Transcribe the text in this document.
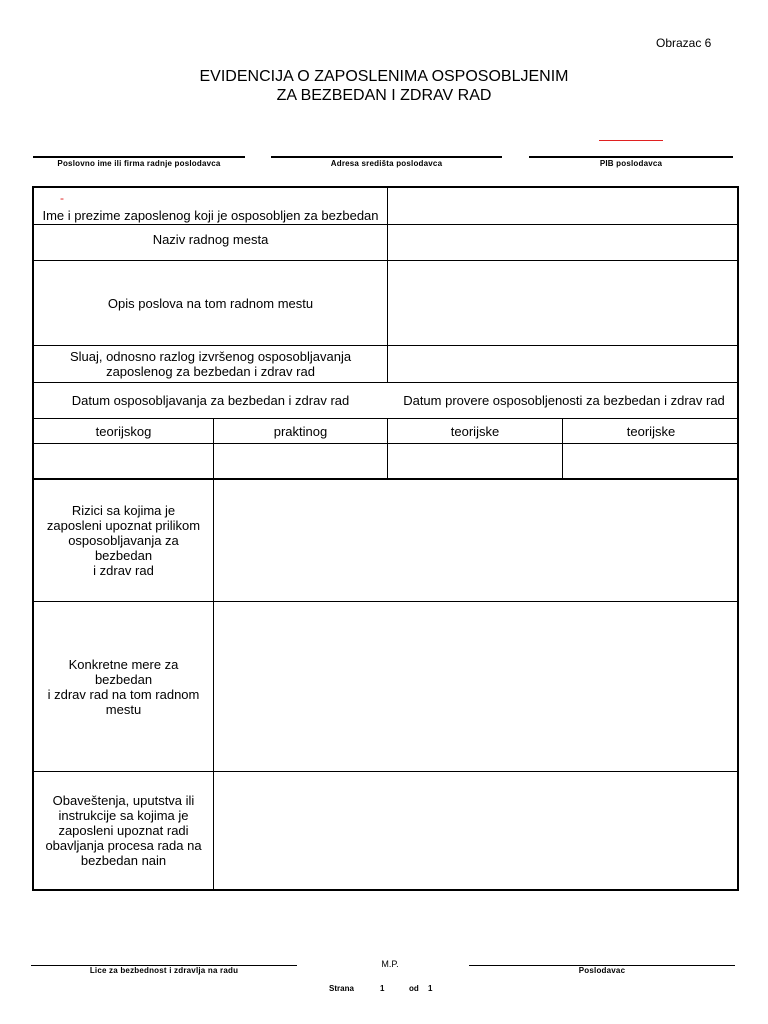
Obrazac 6
EVIDENCIJA O ZAPOSLENIMA OSPOSOBLJENIM
ZA BEZBEDAN I ZDRAV RAD
Poslovno ime ili firma radnje poslodavca	Adresa središta poslodavca	PIB poslodavca
-
Ime i prezime zaposlenog koji je osposobljen za bezbedan
Naziv radnog mesta
Opis poslova na tom radnom mestu
Sluaj, odnosno razlog izvršenog osposobljavanja
zaposlenog za bezbedan i zdrav rad
Datum osposobljavanja za bezbedan i zdrav rad	Datum provere osposobljenosti za bezbedan i zdrav rad
teorijskog	praktinog	teorijske	teorijske
Rizici sa kojima je
zaposleni upoznat prilikom
osposobljavanja za
bezbedan
i zdrav rad
Konkretne mere za
bezbedan
i zdrav rad na tom radnom
mestu
Obaveštenja, uputstva ili
instrukcije sa kojima je
zaposleni upoznat radi
obavljanja procesa rada na
bezbedan nain
M.P.
Lice za bezbednost i zdravlja na radu	Poslodavac
Strana	1	od 1
